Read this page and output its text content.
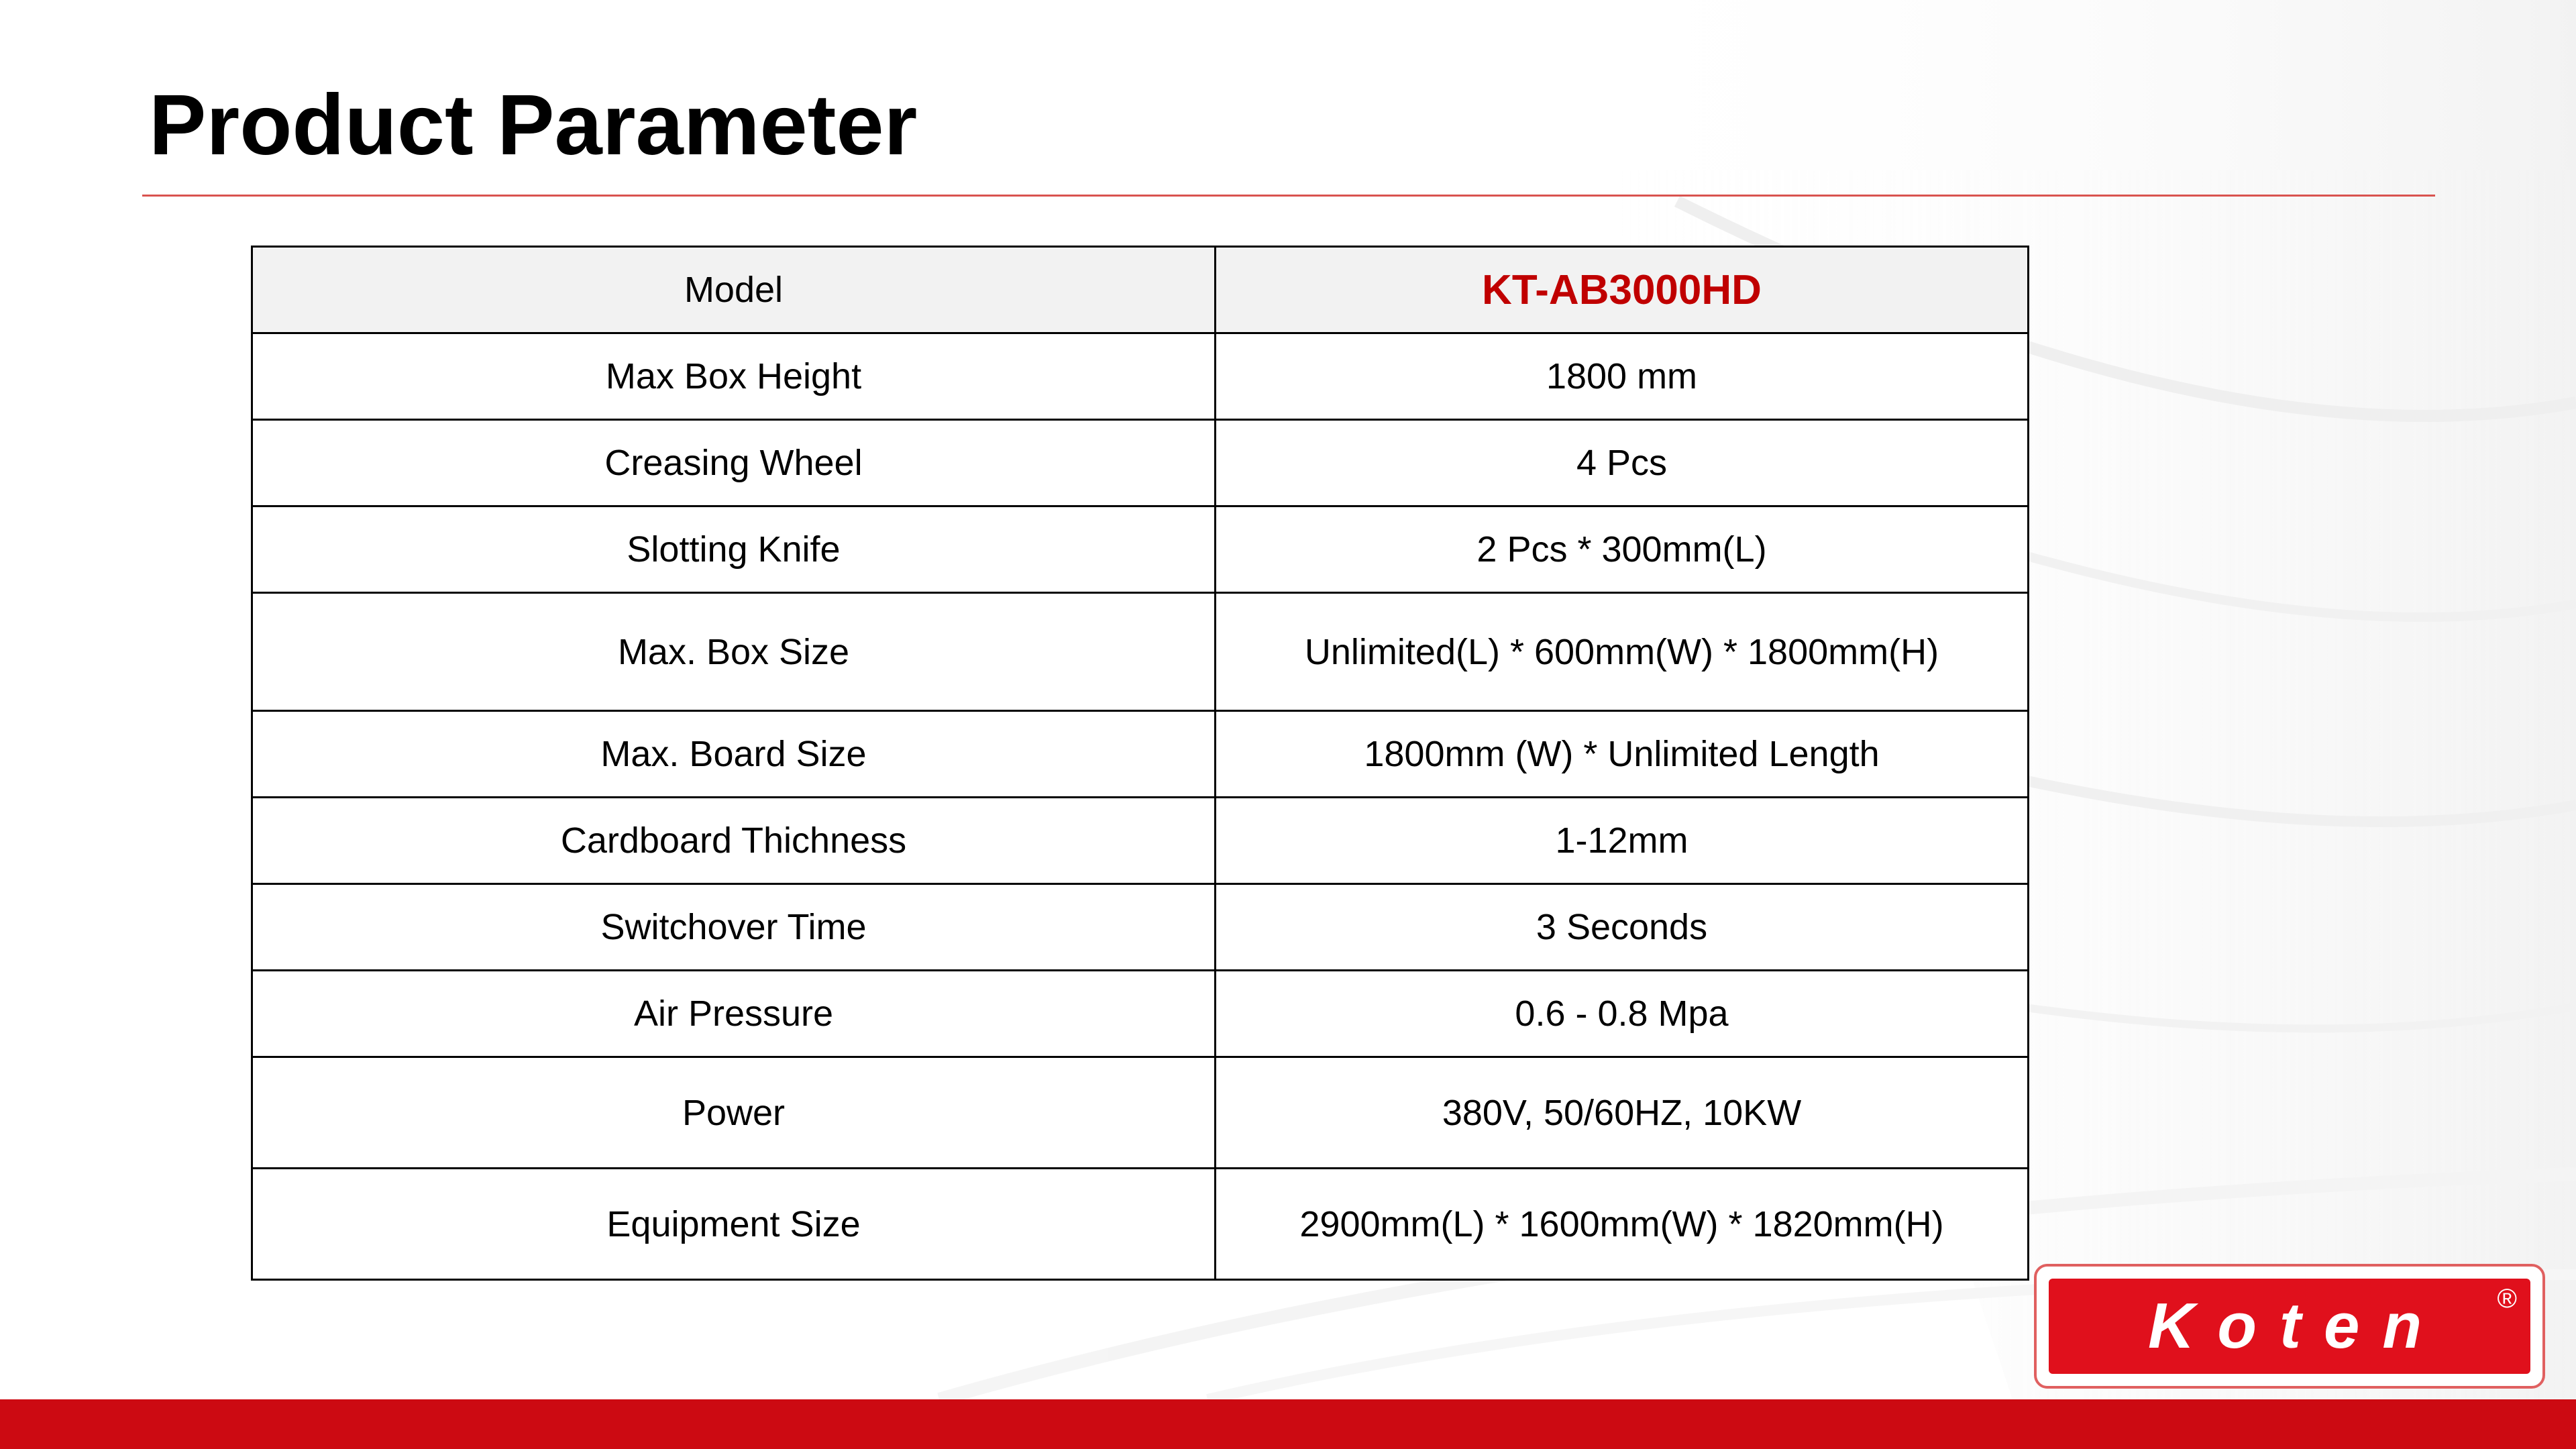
Product Parameter
Model	KT-AB3000HD
Max Box Height	1800 mm
Creasing Wheel	4 Pcs
Slotting Knife	2 Pcs * 300mm(L)
Max. Box Size	Unlimited(L) * 600mm(W) * 1800mm(H)
Max. Board Size	1800mm (W) * Unlimited Length
Cardboard Thichness	1-12mm
Switchover Time	3 Seconds
Air Pressure	0.6 - 0.8 Mpa
Power	380V, 50/60HZ, 10KW
Equipment Size	2900mm(L) * 1600mm(W) * 1820mm(H)
Koten ®
